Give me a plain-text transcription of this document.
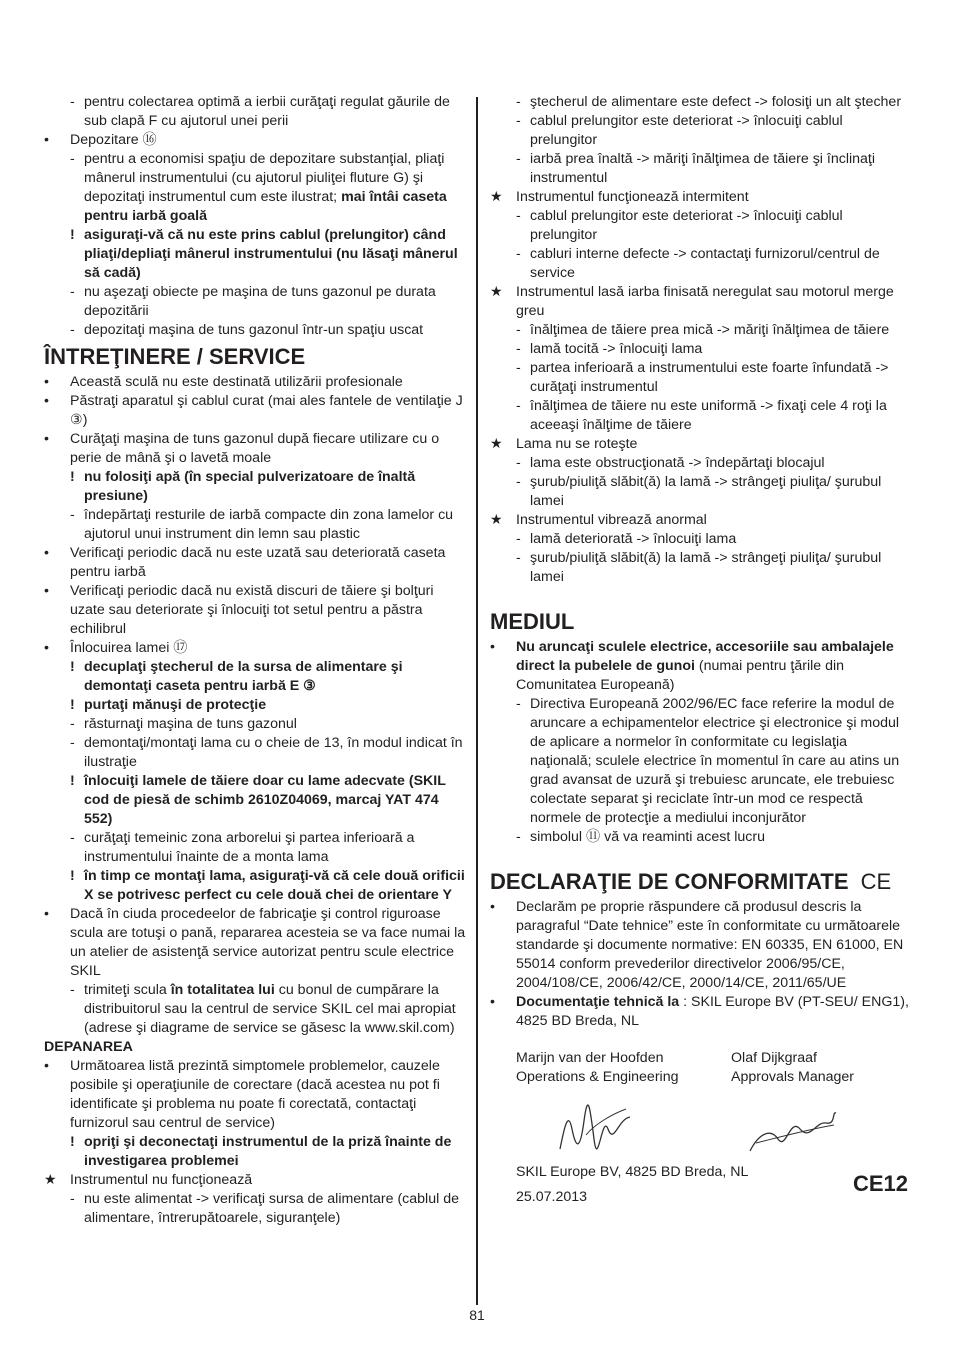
- pentru colectarea optimă a ierbii curăţaţi regulat găurile de sub clapă F cu ajutorul unei perii
• Depozitare ⑯
- pentru a economisi spaţiu de depozitare substanţial, pliaţi mânerul instrumentului (cu ajutorul piuliţei fluture G) şi depozitaţi instrumentul cum este ilustrat; mai întâi caseta pentru iarbă goală
! asiguraţi-vă că nu este prins cablul (prelungitor) când pliaţi/depliaţi mânerul instrumentului (nu lăsaţi mânerul să cadă)
- nu aşezaţi obiecte pe maşina de tuns gazonul pe durata depozitării
- depozitaţi maşina de tuns gazonul într-un spaţiu uscat
ÎNTREŢINERE / SERVICE
• Această sculă nu este destinată utilizării profesionale
• Păstraţi aparatul şi cablul curat (mai ales fantele de ventilaţie J ③)
• Curăţaţi maşina de tuns gazonul după fiecare utilizare cu o perie de mână şi o lavetă moale
! nu folosiţi apă (în special pulverizatoare de înaltă presiune)
- îndepărtaţi resturile de iarbă compacte din zona lamelor cu ajutorul unui instrument din lemn sau plastic
• Verificaţi periodic dacă nu este uzată sau deteriorată caseta pentru iarbă
• Verificaţi periodic dacă nu există discuri de tăiere şi bolţuri uzate sau deteriorate şi înlocuiţi tot setul pentru a păstra echilibrul
• Înlocuirea lamei ⑰
! decuplaţi ştecherul de la sursa de alimentare şi demontaţi caseta pentru iarbă E ③
! purtaţi mănuşi de protecţie
- răsturnaţi maşina de tuns gazonul
- demontaţi/montaţi lama cu o cheie de 13, în modul indicat în ilustraţie
! înlocuiţi lamele de tăiere doar cu lame adecvate (SKIL cod de piesă de schimb 2610Z04069, marcaj YAT 474 552)
- curăţaţi temeinic zona arborelui şi partea inferioară a instrumentului înainte de a monta lama
! în timp ce montaţi lama, asiguraţi-vă că cele două orificii X se potrivesc perfect cu cele două chei de orientare Y
• Dacă în ciuda procedeelor de fabricaţie şi control riguroase scula are totuşi o pană, repararea acesteia se va face numai la un atelier de asistenţă service autorizat pentru scule electrice SKIL
- trimiteţi scula în totalitatea lui cu bonul de cumpărare la distribuitorul sau la centrul de service SKIL cel mai apropiat (adrese şi diagrame de service se găsesc la www.skil.com)
DEPANAREA
• Următoarea listă prezintă simptomele problemelor, cauzele posibile şi operaţiunile de corectare (dacă acestea nu pot fi identificate şi problema nu poate fi corectată, contactaţi furnizorul sau centrul de service)
! opriţi şi deconectaţi instrumentul de la priză înainte de investigarea problemei
★ Instrumentul nu funcţionează
- nu este alimentat -> verificaţi sursa de alimentare (cablul de alimentare, întrerupătoarele, siguranţele)
- ştecherul de alimentare este defect -> folosiţi un alt ştecher
- cablul prelungitor este deteriorat -> înlocuiţi cablul prelungitor
- iarbă prea înaltă -> măriţi înălţimea de tăiere şi înclinaţi instrumentul
★ Instrumentul funcţionează intermitent
- cablul prelungitor este deteriorat -> înlocuiţi cablul prelungitor
- cabluri interne defecte -> contactaţi furnizorul/centrul de service
★ Instrumentul lasă iarba finisată neregulat sau motorul merge greu
- înălţimea de tăiere prea mică -> măriţi înălţimea de tăiere
- lamă tocită -> înlocuiţi lama
- partea inferioară a instrumentului este foarte înfundată -> curăţaţi instrumentul
- înălţimea de tăiere nu este uniformă -> fixaţi cele 4 roţi la aceeaşi înălţime de tăiere
★ Lama nu se roteşte
- lama este obstrucţionată -> îndepărtaţi blocajul
- şurub/piuliţă slăbit(ă) la lamă -> strângeţi piuliţa/ şurubul lamei
★ Instrumentul vibrează anormal
- lamă deteriorată -> înlocuiţi lama
- şurub/piuliţă slăbit(ă) la lamă -> strângeţi piuliţa/ şurubul lamei
MEDIUL
• Nu aruncaţi sculele electrice, accesoriile sau ambalajele direct la pubelele de gunoi (numai pentru ţările din Comunitatea Europeană)
- Directiva Europeană 2002/96/EC face referire la modul de aruncare a echipamentelor electrice şi electronice şi modul de aplicare a normelor în conformitate cu legislaţia naţională; sculele electrice în momentul în care au atins un grad avansat de uzură şi trebuiesc aruncate, ele trebuiesc colectate separat şi reciclate într-un mod ce respectă normele de protecţie a mediului inconjurător
- simbolul ⑪ vă va reaminti acest lucru
DECLARAŢIE DE CONFORMITATE CE
• Declarăm pe proprie răspundere că produsul descris la paragraful “Date tehnice” este în conformitate cu următoarele standarde şi documente normative: EN 60335, EN 61000, EN 55014 conform prevederilor directivelor 2006/95/CE, 2004/108/CE, 2006/42/CE, 2000/14/CE, 2011/65/UE
• Documentaţie tehnică la : SKIL Europe BV (PT-SEU/ ENG1), 4825 BD Breda, NL
Marijn van der Hoofden	Olaf Dijkgraaf
Operations & Engineering	Approvals Manager
SKIL Europe BV, 4825 BD Breda, NL
25.07.2013
CE12
81
